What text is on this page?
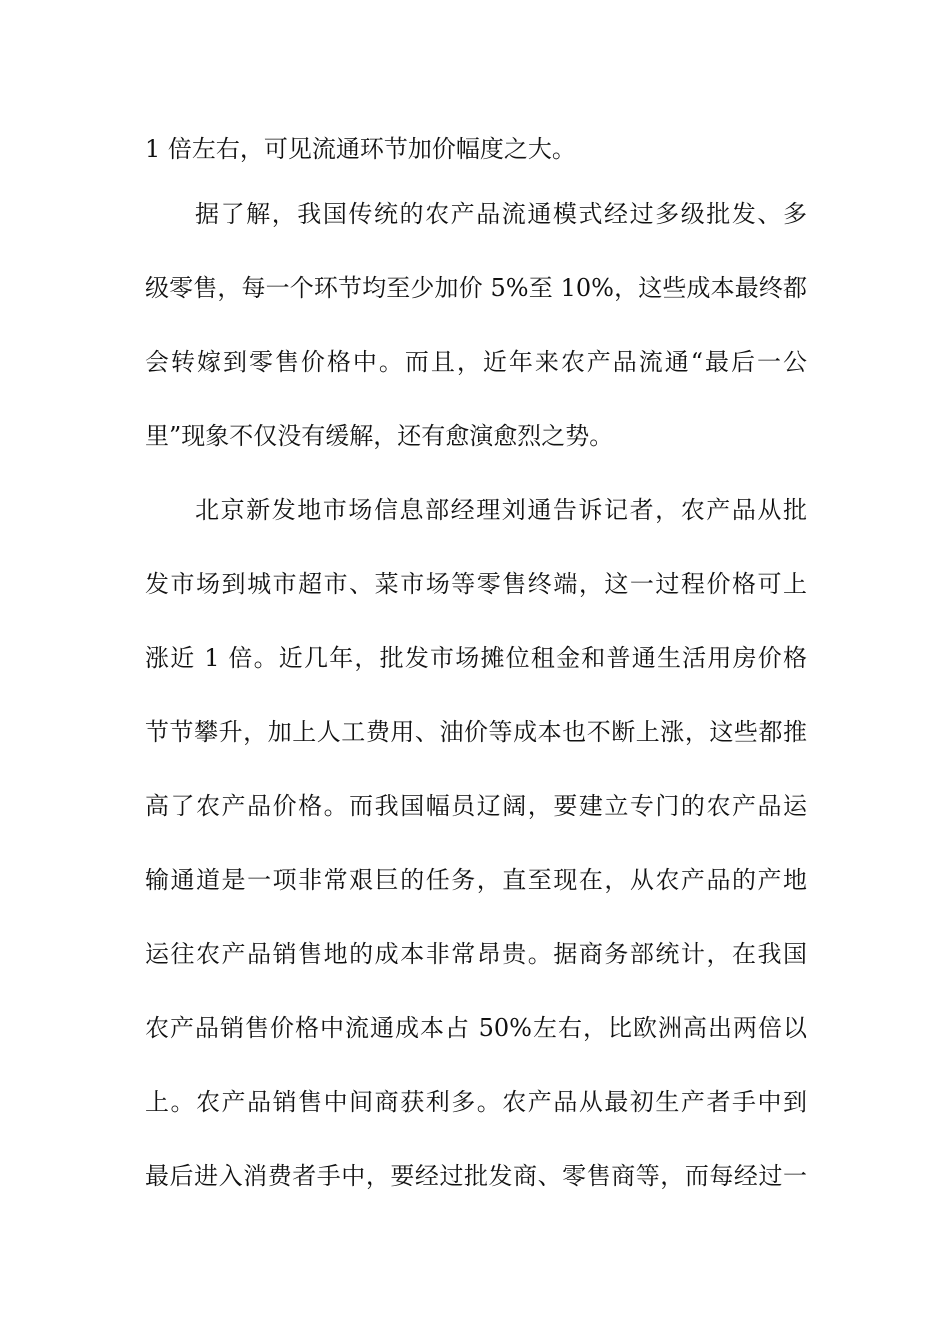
1 倍左右，可见流通环节加价幅度之大。
据了解，我国传统的农产品流通模式经过多级批发、多
级零售，每一个环节均至少加价 5%至 10%，这些成本最终都
会转嫁到零售价格中。而且，近年来农产品流通“最后一公
里”现象不仅没有缓解，还有愈演愈烈之势。
北京新发地市场信息部经理刘通告诉记者，农产品从批
发市场到城市超市、菜市场等零售终端，这一过程价格可上
涨近 1 倍。近几年，批发市场摊位租金和普通生活用房价格
节节攀升，加上人工费用、油价等成本也不断上涨，这些都推
高了农产品价格。而我国幅员辽阔，要建立专门的农产品运
输通道是一项非常艰巨的任务，直至现在，从农产品的产地
运往农产品销售地的成本非常昂贵。据商务部统计，在我国
农产品销售价格中流通成本占 50%左右，比欧洲高出两倍以
上。农产品销售中间商获利多。农产品从最初生产者手中到
最后进入消费者手中，要经过批发商、零售商等，而每经过一
